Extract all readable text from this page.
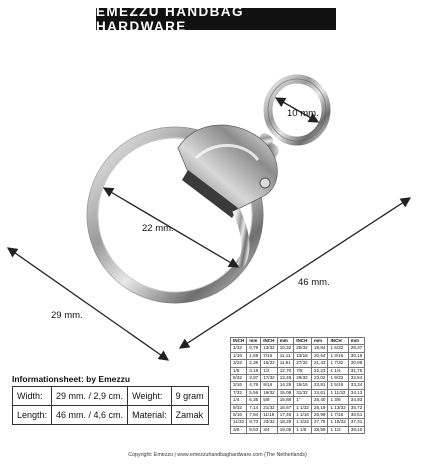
EMEZZU HANDBAG HARDWARE
10 mm.
22 mm.
46 mm.
29 mm.
Informationsheet: by Emezzu
Width:	29 mm. / 2,9 cm.	Weight:	9 gram
Length:	46 mm. / 4,6 cm.	Material:	Zamak
INCH	mm	INCH	mm	INCH	mm	INCH	mm
1/32	0,79	13/32	10,32	25/32	19,84	1 5/32	29,37
1/16	1,59	7/16	11,11	13/16	20,64	1 3/16	30,16
3/32	2,38	15/32	11,91	27/32	21,43	1 7/32	30,96
1/8	3,18	1/2	12,70	7/8	22,23	1 1/4	31,75
5/32	3,97	17/32	13,49	29/32	23,02	1 9/32	32,54
3/16	4,76	9/16	14,29	15/16	23,81	1 5/16	33,34
7/32	5,56	19/32	15,08	31/32	24,61	1 11/32	34,13
1/4	6,35	5/8	15,88	1"	25,40	1 3/8	34,93
9/32	7,14	21/32	16,67	1 1/32	26,19	1 13/32	35,72
5/16	7,94	11/16	17,46	1 1/16	26,99	1 7/16	36,51
11/32	8,73	23/32	18,26	1 3/32	27,78	1 15/32	37,31
3/8	9,53	3/4	19,05	1 1/8	28,58	1 1/2	38,10
Copyright: Emezzu | www.emezzuhandbaghardware.com (The Netherlands)
